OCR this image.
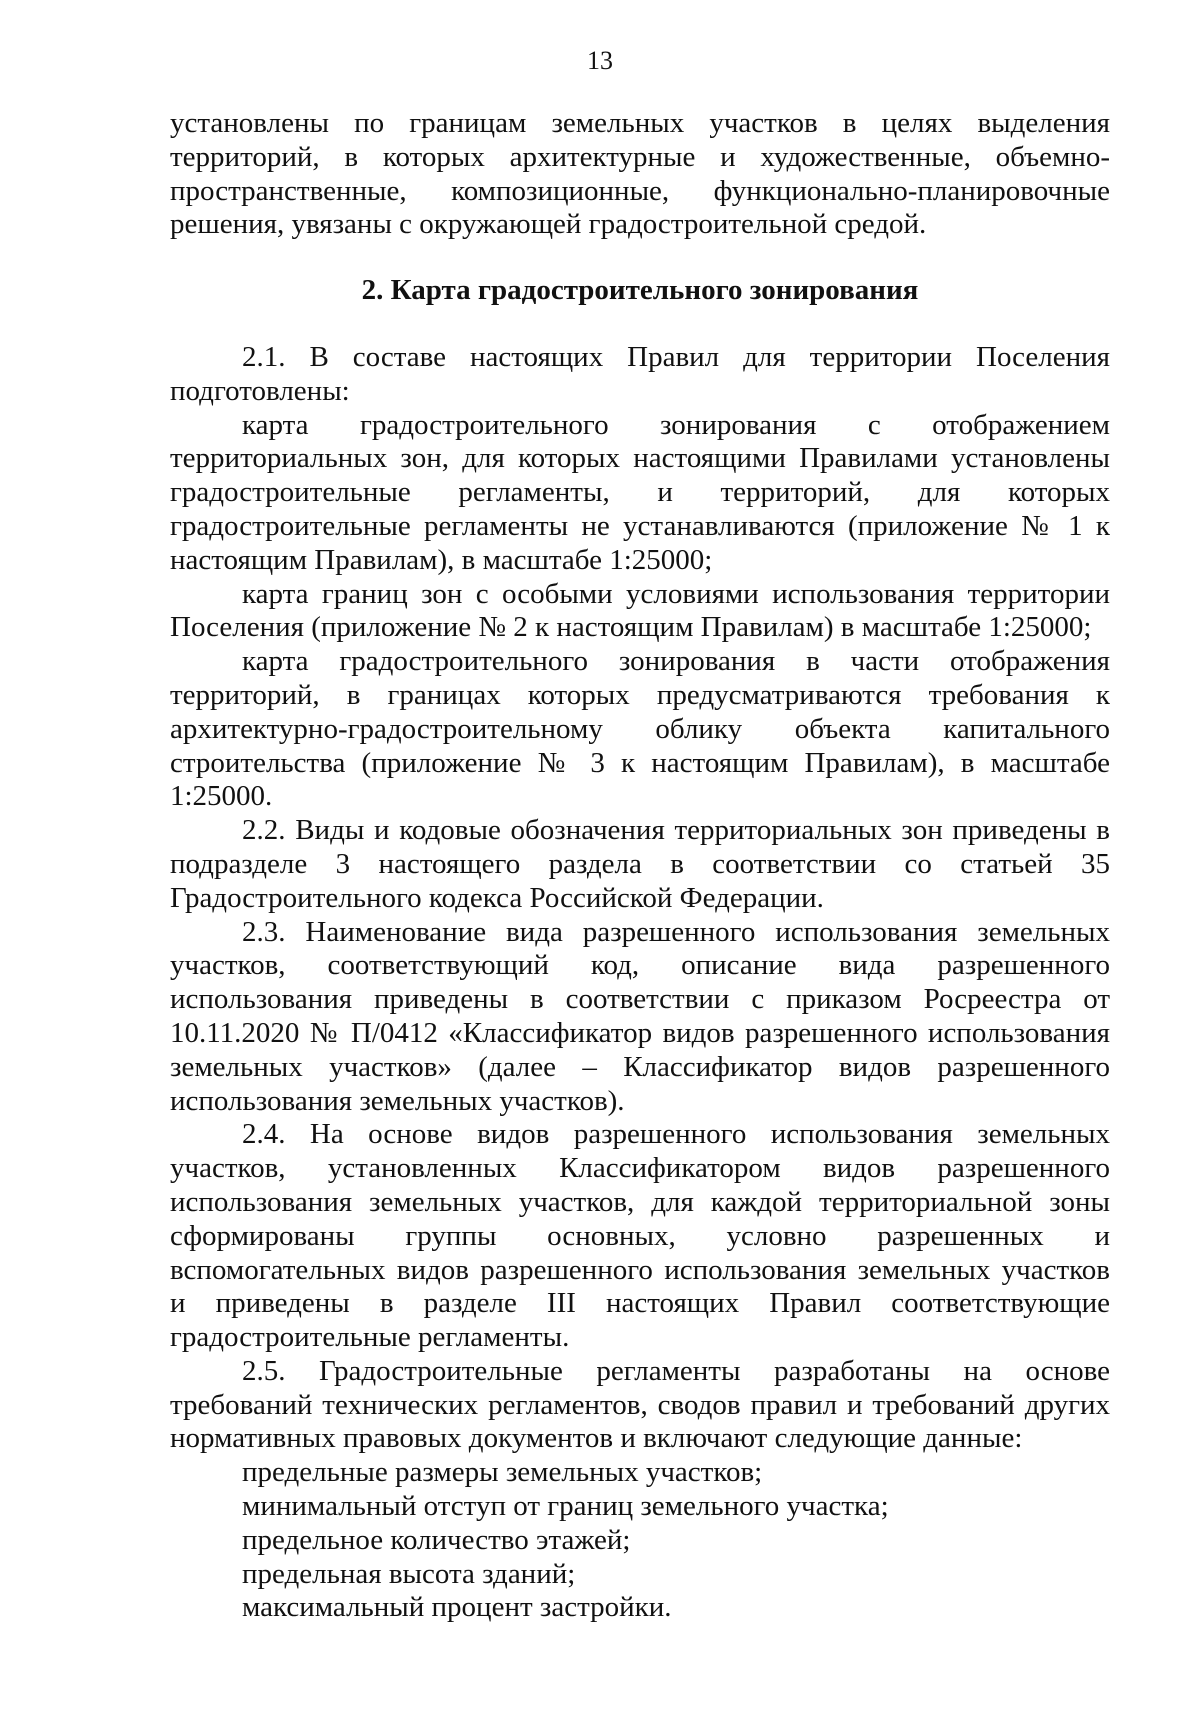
13

установлены по границам земельных участков в целях выделения территорий, в которых архитектурные и художественные, объемно-пространственные, композиционные, функционально-планировочные решения, увязаны с окружающей градостроительной средой.

2. Карта градостроительного зонирования

2.1. В составе настоящих Правил для территории Поселения подготовлены:

карта градостроительного зонирования с отображением территориальных зон, для которых настоящими Правилами установлены градостроительные регламенты, и территорий, для которых градостроительные регламенты не устанавливаются (приложение № 1 к настоящим Правилам), в масштабе 1:25000;

карта границ зон с особыми условиями использования территории Поселения (приложение № 2 к настоящим Правилам) в масштабе 1:25000;

карта градостроительного зонирования в части отображения территорий, в границах которых предусматриваются требования к архитектурно-градостроительному облику объекта капитального строительства (приложение № 3 к настоящим Правилам), в масштабе 1:25000.

2.2. Виды и кодовые обозначения территориальных зон приведены в подразделе 3 настоящего раздела в соответствии со статьей 35 Градостроительного кодекса Российской Федерации.

2.3. Наименование вида разрешенного использования земельных участков, соответствующий код, описание вида разрешенного использования приведены в соответствии с приказом Росреестра от 10.11.2020 № П/0412 «Классификатор видов разрешенного использования земельных участков» (далее – Классификатор видов разрешенного использования земельных участков).

2.4. На основе видов разрешенного использования земельных участков, установленных Классификатором видов разрешенного использования земельных участков, для каждой территориальной зоны сформированы группы основных, условно разрешенных и вспомогательных видов разрешенного использования земельных участков и приведены в разделе III настоящих Правил соответствующие градостроительные регламенты.

2.5. Градостроительные регламенты разработаны на основе требований технических регламентов, сводов правил и требований других нормативных правовых документов и включают следующие данные:

предельные размеры земельных участков;

минимальный отступ от границ земельного участка;

предельное количество этажей;

предельная высота зданий;

максимальный процент застройки.
